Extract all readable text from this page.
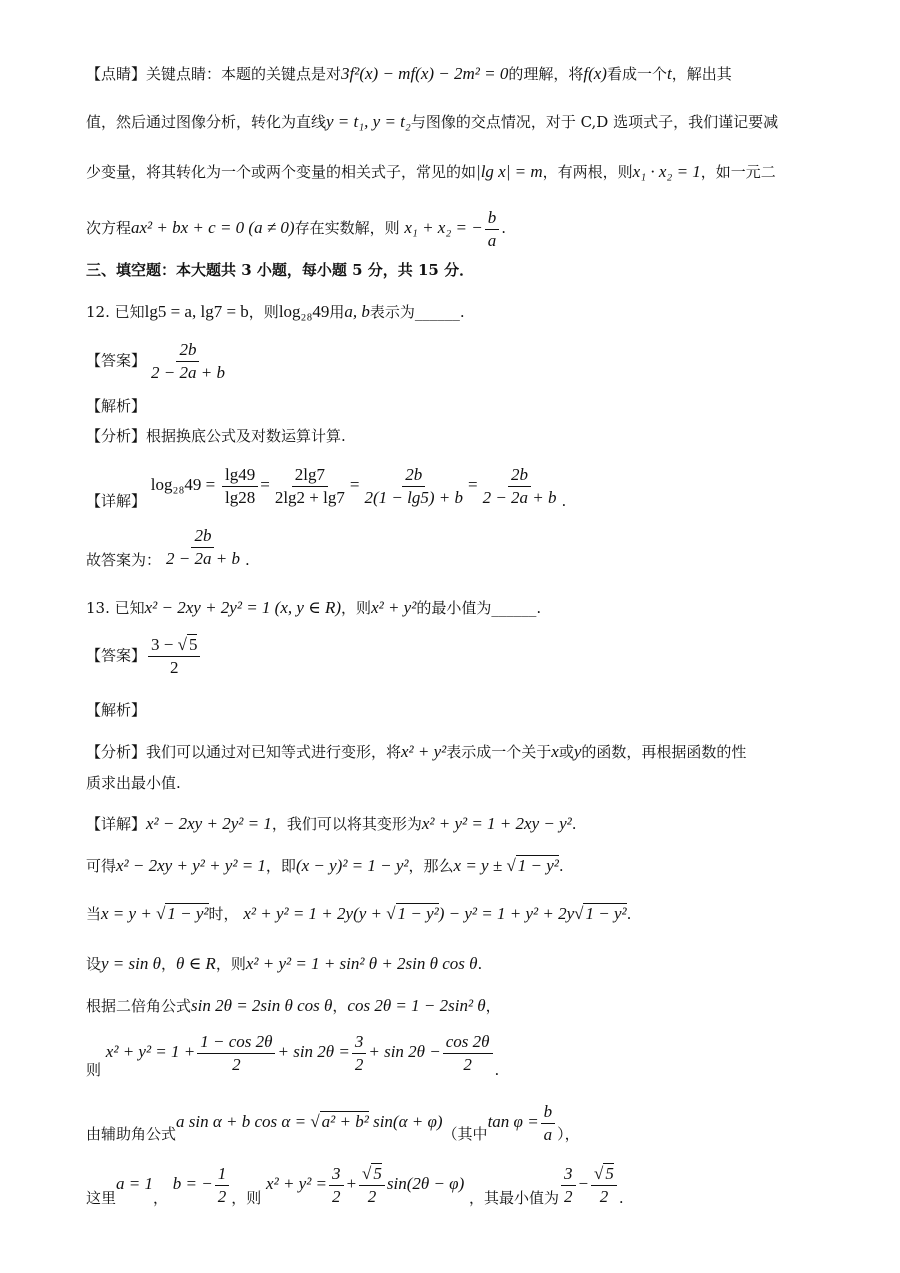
【点睛】关键点睛：本题的关键点是对3f²(x) − mf(x) − 2m² = 0的理解，将f(x)看成一个t，解出其
值，然后通过图像分析，转化为直线y = t₁, y = t₂与图像的交点情况，对于 C,D 选项式子，我们谨记要减
少变量，将其转化为一个或两个变量的相关式子，常见的如|lg x| = m，有两根，则x₁ · x₂ = 1，如一元二
次方程ax² + bx + c = 0 (a ≠ 0)存在实数解，则 x₁ + x₂ = − $\frac{b}{a}$ .
三、填空题：本大题共 3 小题，每小题 5 分，共 15 分．
12. 已知lg5 = a, lg7 = b，则log₂₈49用a, b表示为______.
【答案】 $\frac{2b}{2 - 2a + b}$
【解析】
【分析】根据换底公式及对数运算计算.
【详解】 $\log_{28}49 = \frac{\lg 49}{\lg 28} = \frac{2\lg 7}{2\lg 2 + \lg 7} = \frac{2b}{2(1 - \lg 5) + b} = \frac{2b}{2 - 2a + b}$ .
故答案为： $\frac{2b}{2 - 2a + b}$ .
13. 已知x² − 2xy + 2y² = 1 (x, y ∈ R)，则x² + y²的最小值为______.
【答案】 $\frac{3 - √ 5}{2}$
【解析】
【分析】我们可以通过对已知等式进行变形，将x² + y²表示成一个关于x或y的函数，再根据函数的性
质求出最小值.
【详解】x² − 2xy + 2y² = 1，我们可以将其变形为x² + y² = 1 + 2xy − y².
可得x² − 2xy + y² + y² = 1，即(x − y)² = 1 − y²，那么x = y ± √ 1 − y².
当x = y + √ 1 − y²时， x² + y² = 1 + 2y(y + √ 1 − y²) − y² = 1 + y² + 2y√ 1 − y².
设y = sin θ，θ ∈ R，则x² + y² = 1 + sin² θ + 2sin θ cos θ.
根据二倍角公式sin 2θ = 2sin θ cos θ，cos 2θ = 1 − 2sin² θ，
则 $x^2 + y^2 = 1 + \frac{1 - \cos 2\theta}{2} + \sin 2\theta = \frac{3}{2} + \sin 2\theta - \frac{\cos 2\theta}{2}$ .
由辅助角公式a sin α + b cos α = √ a² + b² sin(α + φ)（其中$\tan \varphi = \frac{b}{a}$ ），
这里a = 1， b = − $\frac{1}{2}$ ，则 $x^2 + y^2 = \frac{3}{2} + \frac{√ 5}{2} \sin(2\theta - \varphi)$ ，其最小值为 $\frac{3}{2} - \frac{√ 5}{2}$ .
